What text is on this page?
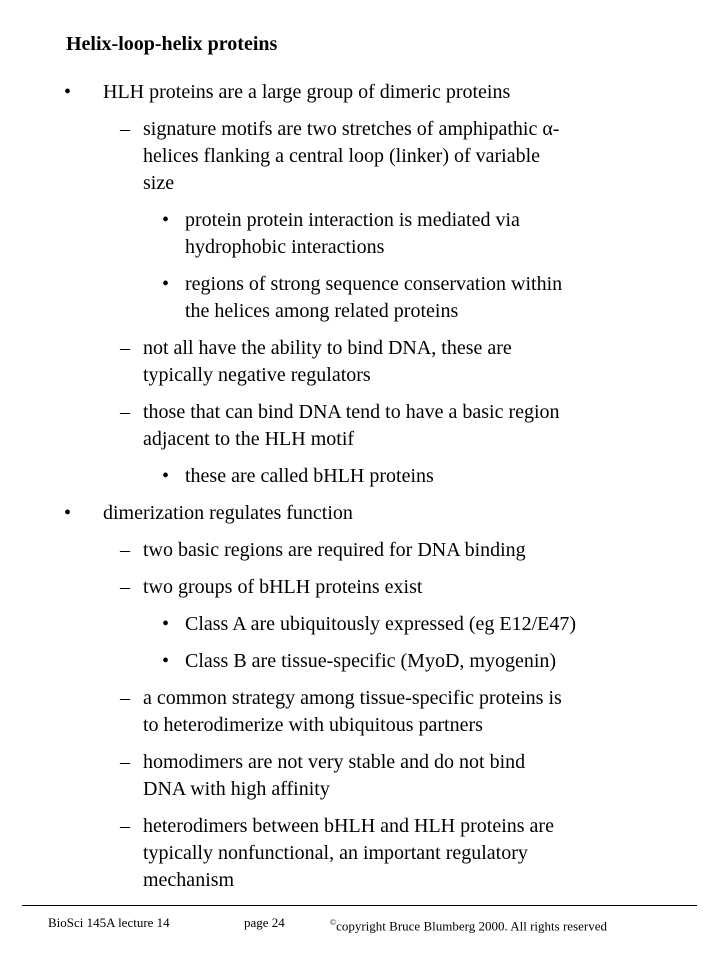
Helix-loop-helix proteins
• HLH proteins are a large group of dimeric proteins
– signature motifs are two stretches of amphipathic α-
helices flanking a central loop (linker) of variable
size
• protein protein interaction is mediated via
hydrophobic interactions
• regions of strong sequence conservation within
the helices among related proteins
– not all have the ability to bind DNA, these are
typically negative regulators
– those that can bind DNA tend to have a basic region
adjacent to the HLH motif
• these are called bHLH proteins
• dimerization regulates function
– two basic regions are required for DNA binding
– two groups of bHLH proteins exist
• Class A are ubiquitously expressed (eg E12/E47)
• Class B are tissue-specific (MyoD, myogenin)
– a common strategy among tissue-specific proteins is
to heterodimerize with ubiquitous partners
– homodimers are not very stable and do not bind
DNA with high affinity
– heterodimers between bHLH and HLH proteins are
typically nonfunctional, an important regulatory
mechanism
BioSci 145A lecture 14	page 24	©copyright Bruce Blumberg 2000. All rights reserved
